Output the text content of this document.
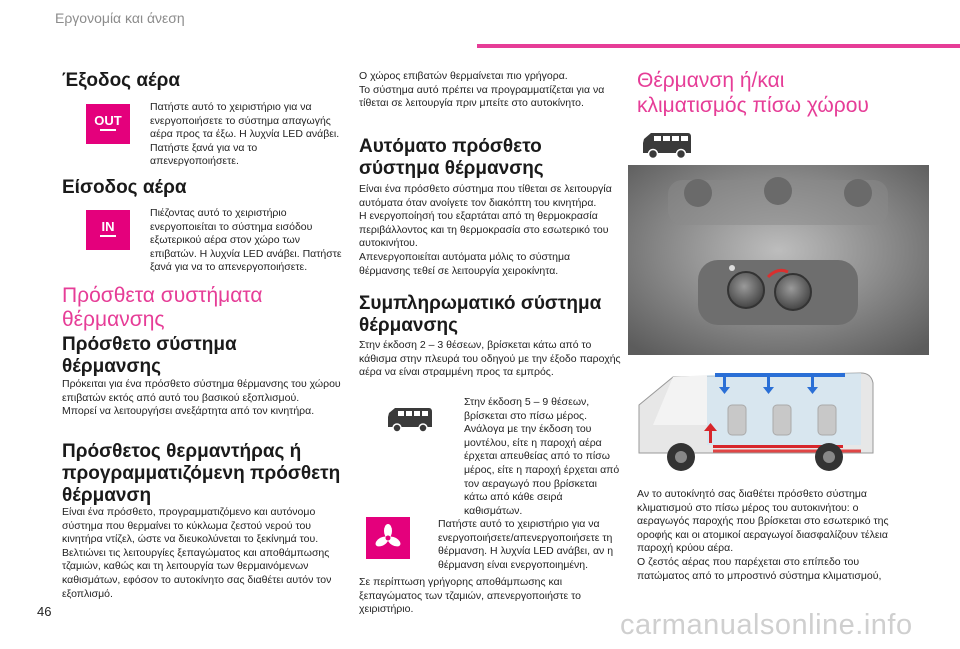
Εργονομία και άνεση
Έξοδος αέρα
OUT
Πατήστε αυτό το χειριστήριο για να ενεργοποιήσετε το σύστημα απαγωγής αέρα προς τα έξω. Η λυχνία LED ανάβει. Πατήστε ξανά για να το απενεργοποιήσετε.
Είσοδος αέρα
IN
Πιέζοντας αυτό το χειριστήριο ενεργοποιείται το σύστημα εισόδου εξωτερικού αέρα στον χώρο των επιβατών. Η λυχνία LED ανάβει. Πατήστε ξανά για να το απενεργοποιήσετε.
Πρόσθετα συστήματα θέρμανσης
Πρόσθετο σύστημα θέρμανσης
Πρόκειται για ένα πρόσθετο σύστημα θέρμανσης του χώρου επιβατών εκτός από αυτό του βασικού εξοπλισμού.
Μπορεί να λειτουργήσει ανεξάρτητα από τον κινητήρα.
Πρόσθετος θερμαντήρας ή προγραμματιζόμενη πρόσθετη θέρμανση
Είναι ένα πρόσθετο, προγραμματιζόμενο και αυτόνομο σύστημα που θερμαίνει το κύκλωμα ζεστού νερού του κινητήρα ντίζελ, ώστε να διευκολύνεται το ξεκίνημά του. Βελτιώνει τις λειτουργίες ξεπαγώματος και αποθάμπωσης τζαμιών, καθώς και τη λειτουργία των θερμαινόμενων καθισμάτων, εφόσον το αυτοκίνητο σας διαθέτει αυτόν τον εξοπλισμό.
Ο χώρος επιβατών θερμαίνεται πιο γρήγορα.
Το σύστημα αυτό πρέπει να προγραμματίζεται για να τίθεται σε λειτουργία πριν μπείτε στο αυτοκίνητο.
Αυτόματο πρόσθετο σύστημα θέρμανσης
Είναι ένα πρόσθετο σύστημα που τίθεται σε λειτουργία αυτόματα όταν ανοίγετε τον διακόπτη του κινητήρα.
Η ενεργοποίησή του εξαρτάται από τη θερμοκρασία περιβάλλοντος και τη θερμοκρασία στο εσωτερικό του αυτοκινήτου.
Απενεργοποιείται αυτόματα μόλις το σύστημα θέρμανσης τεθεί σε λειτουργία χειροκίνητα.
Συμπληρωματικό σύστημα θέρμανσης
Στην έκδοση 2 – 3 θέσεων, βρίσκεται κάτω από το κάθισμα στην πλευρά του οδηγού με την έξοδο παροχής αέρα να είναι στραμμένη προς τα εμπρός.
Στην έκδοση 5 – 9 θέσεων, βρίσκεται στο πίσω μέρος. Ανάλογα με την έκδοση του μοντέλου, είτε η παροχή αέρα έρχεται απευθείας από το πίσω μέρος, είτε η παροχή έρχεται από τον αεραγωγό που βρίσκεται κάτω από κάθε σειρά καθισμάτων.
Πατήστε αυτό το χειριστήριο για να ενεργοποιήσετε/απενεργοποιήσετε τη θέρμανση. Η λυχνία LED ανάβει, αν η θέρμανση είναι ενεργοποιημένη.
Σε περίπτωση γρήγορης αποθάμπωσης και ξεπαγώματος των τζαμιών, απενεργοποιήστε το χειριστήριο.
Θέρμανση ή/και κλιματισμός πίσω χώρου
Αν το αυτοκίνητό σας διαθέτει πρόσθετο σύστημα κλιματισμού στο πίσω μέρος του αυτοκινήτου: ο αεραγωγός παροχής που βρίσκεται στο εσωτερικό της οροφής και οι ατομικοί αεραγωγοί διασφαλίζουν τέλεια παροχή κρύου αέρα.
Ο ζεστός αέρας που παρέχεται στο επίπεδο του πατώματος από το μπροστινό σύστημα κλιματισμού,
46	carmanualsonline.info
